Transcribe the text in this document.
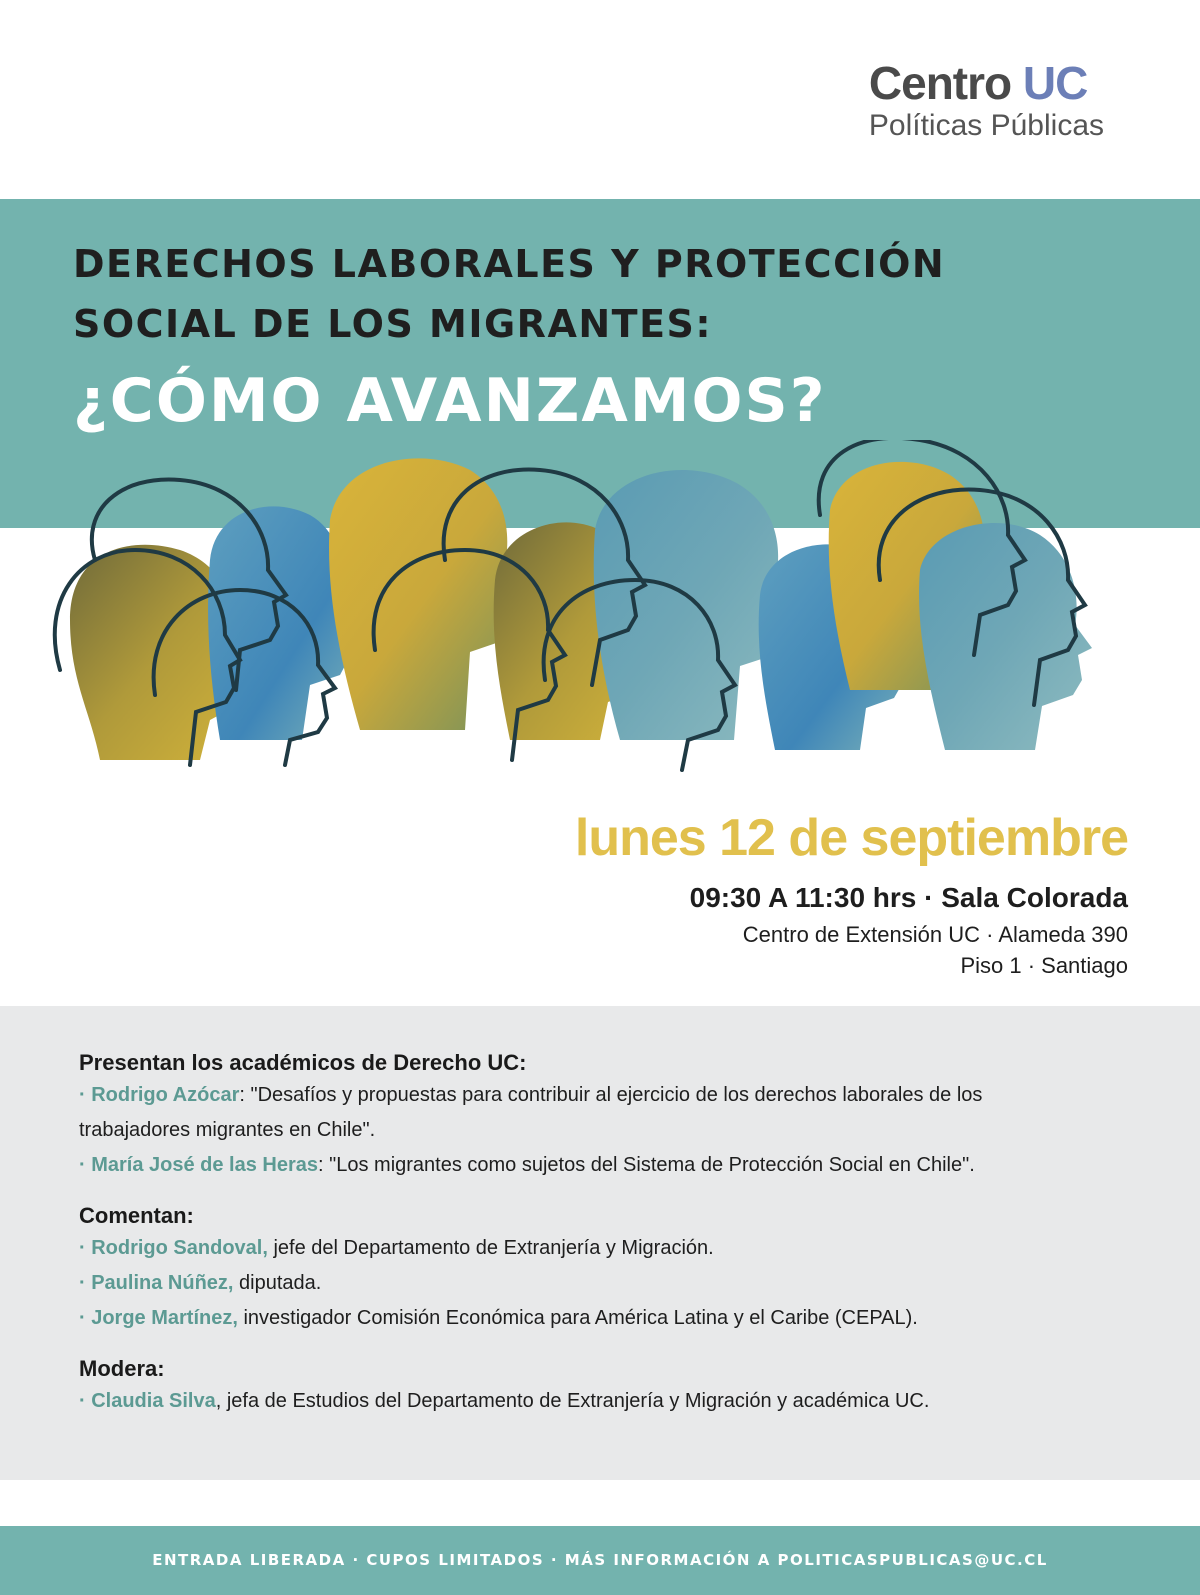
Centro UC
Políticas Públicas
DERECHOS LABORALES Y PROTECCIÓN
SOCIAL DE LOS MIGRANTES:
¿CÓMO AVANZAMOS?
lunes 12 de septiembre
09:30 A 11:30 hrs · Sala Colorada
Centro de Extensión UC · Alameda 390
Piso 1 · Santiago
Presentan los académicos de Derecho UC:

· Rodrigo Azócar: "Desafíos y propuestas para contribuir al ejercicio de los derechos laborales de los
trabajadores migrantes en Chile".

· María José de las Heras: "Los migrantes como sujetos del Sistema de Protección Social en Chile".

Comentan:

· Rodrigo Sandoval, jefe del Departamento de Extranjería y Migración.

· Paulina Núñez, diputada.

· Jorge Martínez, investigador Comisión Económica para América Latina y el Caribe (CEPAL).

Modera:

· Claudia Silva, jefa de Estudios del Departamento de Extranjería y Migración y académica UC.

ENTRADA LIBERADA · CUPOS LIMITADOS · MÁS INFORMACIÓN A POLITICASPUBLICAS@UC.CL
